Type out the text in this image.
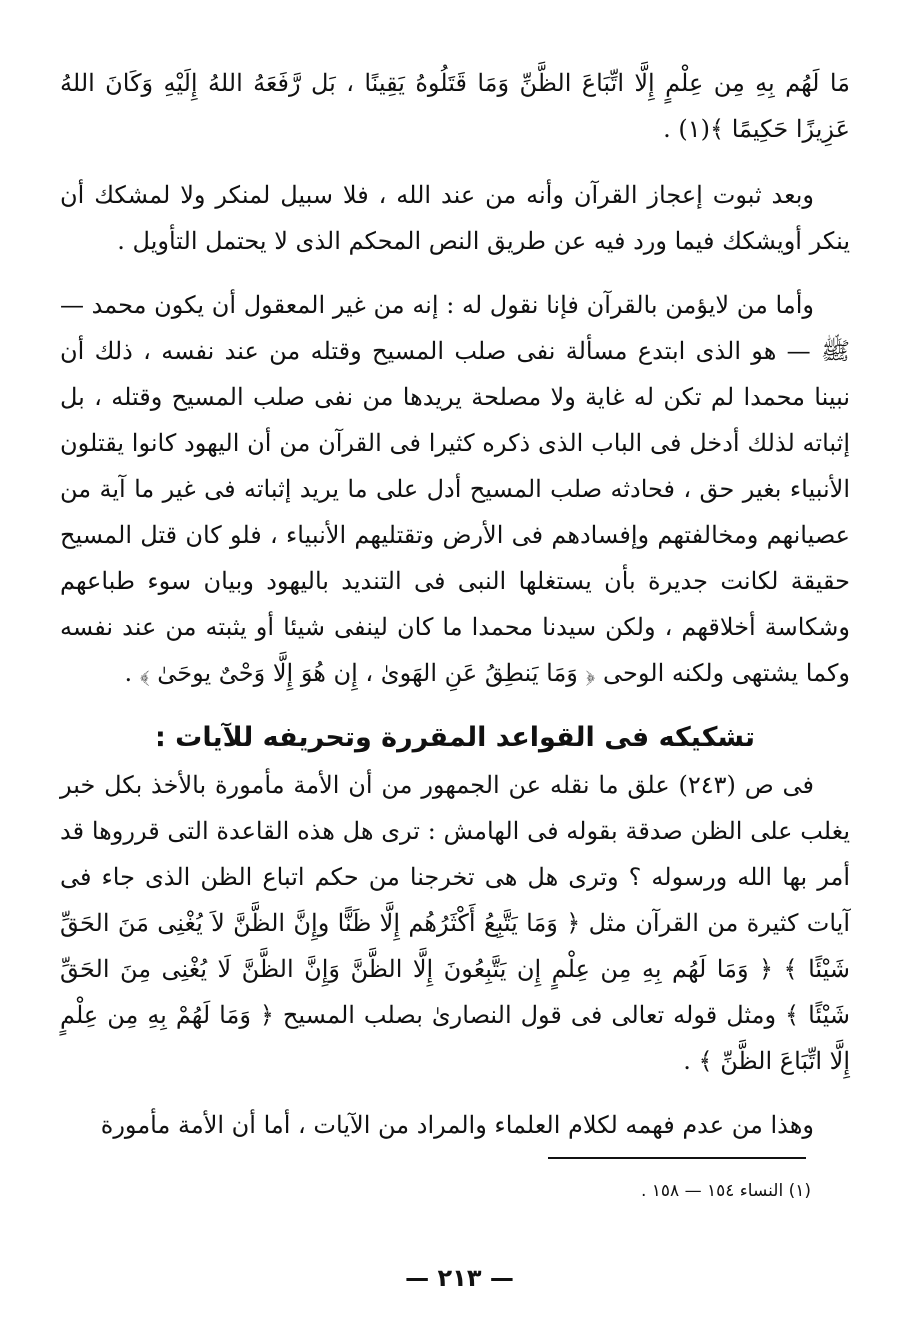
مَا لَهُم بِهِ مِن عِلْمٍ إِلَّا اتِّبَاعَ الظَّنِّ وَمَا قَتَلُوهُ يَقِينًا ، بَل رَّفَعَهُ اللهُ إِلَيْهِ وَكَانَ اللهُ عَزِيزًا حَكِيمًا ﴾(١) .

وبعد ثبوت إعجاز القرآن وأنه من عند الله ، فلا سبيل لمنكر ولا لمشكك أن ينكر أويشكك فيما ورد فيه عن طريق النص المحكم الذى لا يحتمل التأويل .

وأما من لايؤمن بالقرآن فإنا نقول له : إنه من غير المعقول أن يكون محمد — ﷺ — هو الذى ابتدع مسألة نفى صلب المسيح وقتله من عند نفسه ، ذلك أن نبينا محمدا لم تكن له غاية ولا مصلحة يريدها من نفى صلب المسيح وقتله ، بل إثباته لذلك أدخل فى الباب الذى ذكره كثيرا فى القرآن من أن اليهود كانوا يقتلون الأنبياء بغير حق ، فحادثه صلب المسيح أدل على ما يريد إثباته فى غير ما آية من عصيانهم ومخالفتهم وإفسادهم فى الأرض وتقتليهم الأنبياء ، فلو كان قتل المسيح حقيقة لكانت جديرة بأن يستغلها النبى فى التنديد باليهود وبيان سوء طباعهم وشكاسة أخلاقهم ، ولكن سيدنا محمدا ما كان لينفى شيئا أو يثبته من عند نفسه وكما يشتهى ولكنه الوحى ﴿ وَمَا يَنطِقُ عَنِ الهَوىٰ ، إِن هُوَ إِلَّا وَحْىٌ يوحَىٰ ﴾ .

تشكيكه فى القواعد المقررة وتحريفه للآيات :

فى ص (٢٤٣) علق ما نقله عن الجمهور من أن الأمة مأمورة بالأخذ بكل خبر يغلب على الظن صدقة بقوله فى الهامش : ترى هل هذه القاعدة التى قرروها قد أمر بها الله ورسوله ؟ وترى هل هى تخرجنا من حكم اتباع الظن الذى جاء فى آيات كثيرة من القرآن مثل ﴿ وَمَا يَتَّبِعُ أَكْثَرُهُم إِلَّا ظَنًّا وإِنَّ الظَّنَّ لاَ يُغْنِى مَنَ الحَقِّ شَيْئًا ﴾ ﴿ وَمَا لَهُم بِهِ مِن عِلْمٍ إِن يَتَّبِعُونَ إِلَّا الظَّنَّ وَإِنَّ الظَّنَّ لَا يُغْنِى مِنَ الحَقِّ شَيْئًا ﴾ ومثل قوله تعالى فى قول النصارىٰ بصلب المسيح ﴿ وَمَا لَهُمْ بِهِ مِن عِلْمٍ إِلَّا اتِّبَاعَ الظَّنِّ ﴾ .

وهذا من عدم فهمه لكلام العلماء والمراد من الآيات ، أما أن الأمة مأمورة

(١) النساء ١٥٤ — ١٥٨ .
— ٢١٣ —
